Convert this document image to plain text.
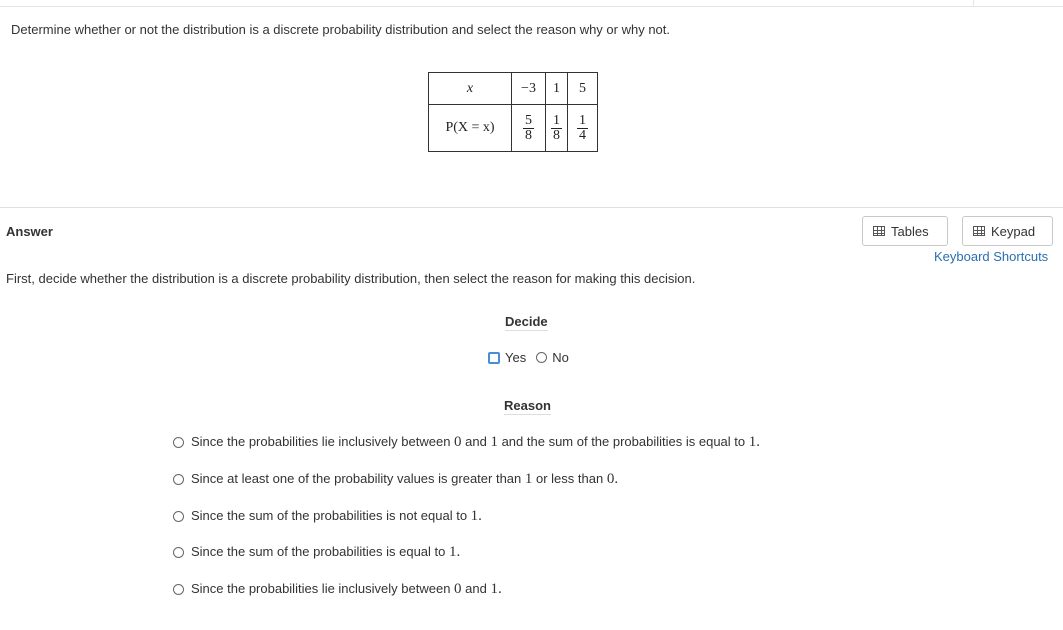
Determine whether or not the distribution is a discrete probability distribution and select the reason why or why not.
x	−3	1	5
P(X = x)	$\frac{5}{8}$	$\frac{1}{8}$	$\frac{1}{4}$
Answer	Tables	Keypad
Keyboard Shortcuts
First, decide whether the distribution is a discrete probability distribution, then select the reason for making this decision.
Decide
Yes No
Reason
Since the probabilities lie inclusively between 0 and 1 and the sum of the probabilities is equal to 1.
Since at least one of the probability values is greater than 1 or less than 0.
Since the sum of the probabilities is not equal to 1.
Since the sum of the probabilities is equal to 1.
Since the probabilities lie inclusively between 0 and 1.
